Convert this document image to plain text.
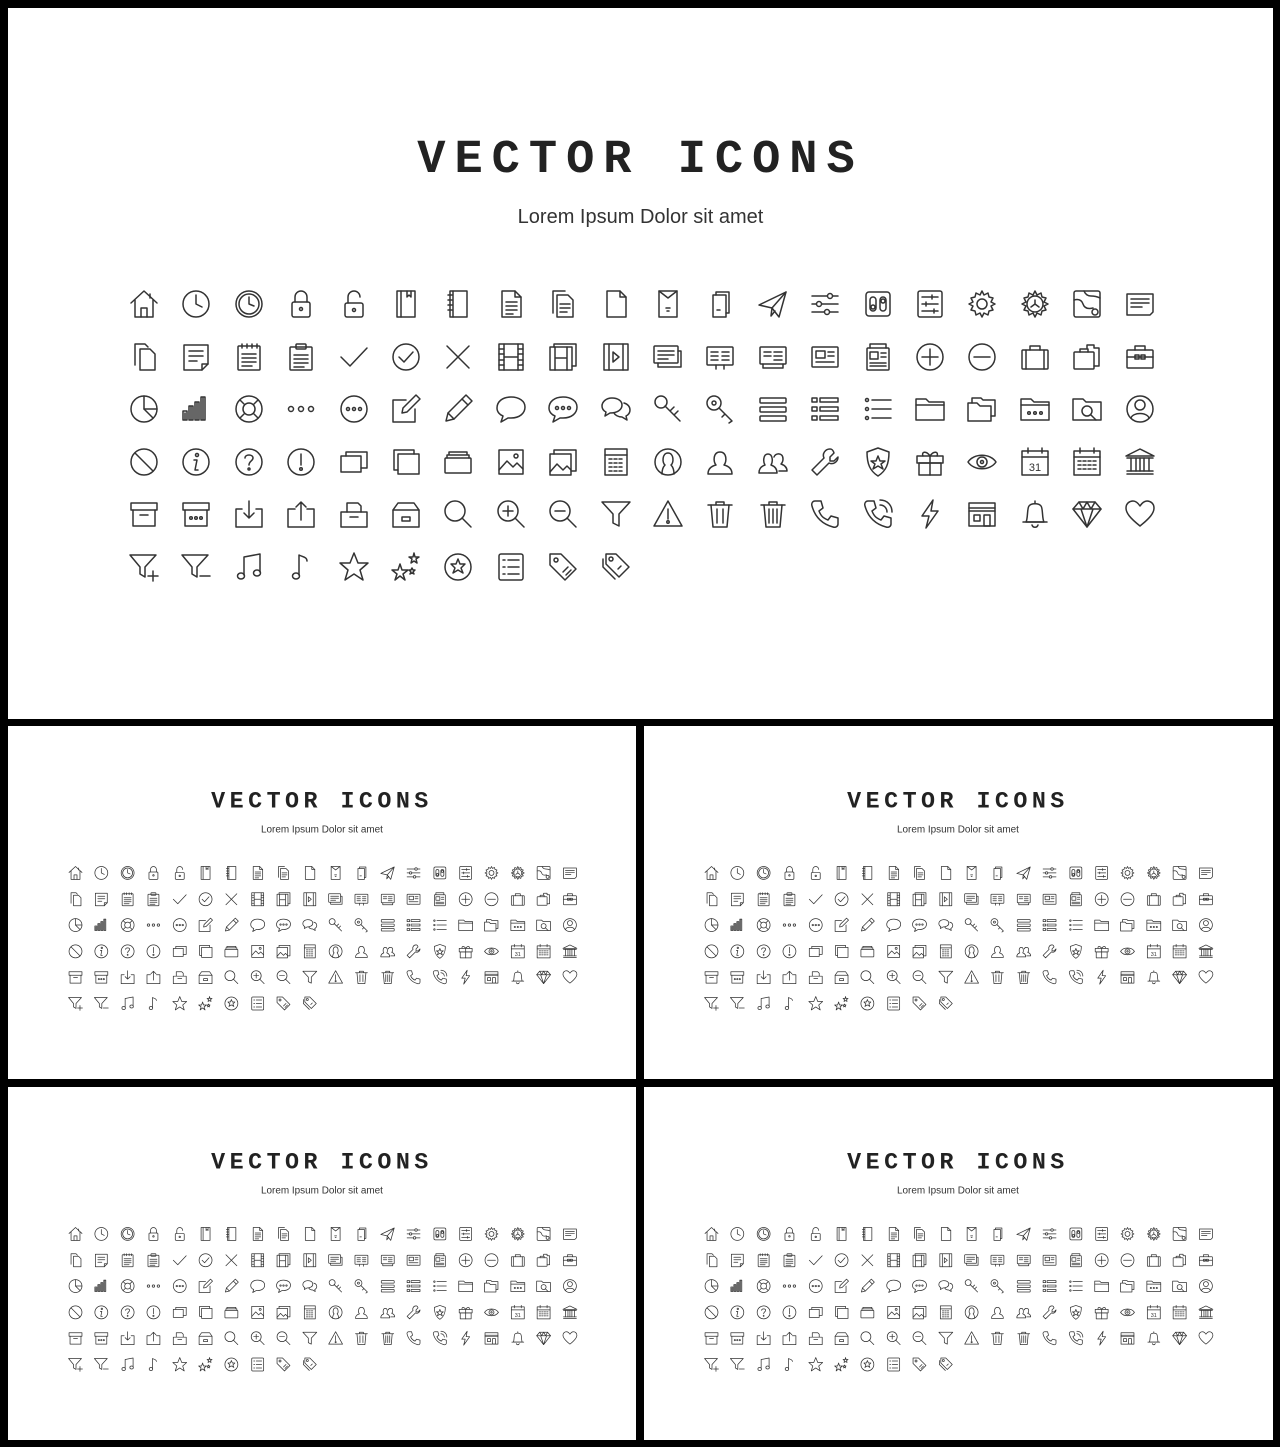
VECTOR ICONS
Lorem Ipsum Dolor sit amet
31
VECTOR ICONS
Lorem Ipsum Dolor sit amet
31
VECTOR ICONS
Lorem Ipsum Dolor sit amet
31
VECTOR ICONS
Lorem Ipsum Dolor sit amet
31
VECTOR ICONS
Lorem Ipsum Dolor sit amet
31
